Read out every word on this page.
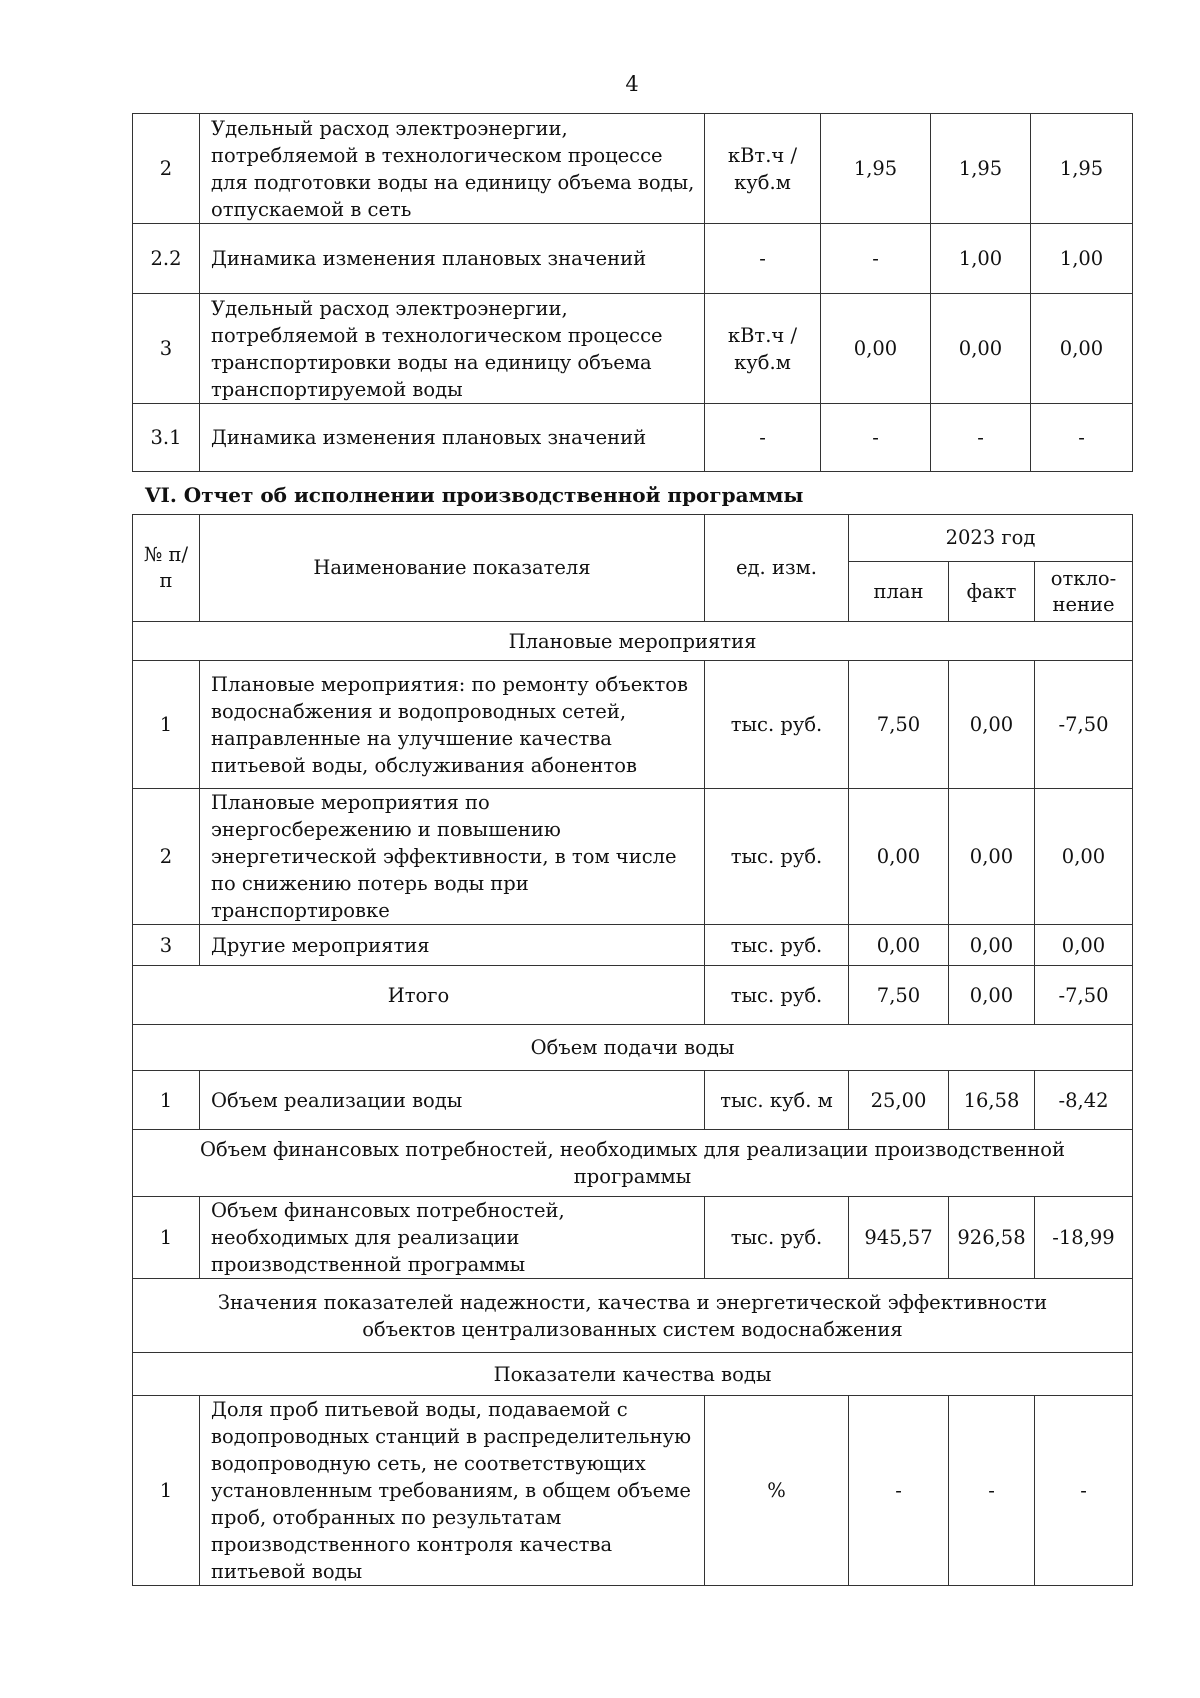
4
2	Удельный расход электроэнергии, потребляемой в технологическом процессе для подготовки воды на единицу объема воды, отпускаемой в сеть	кВт.ч / куб.м	1,95	1,95	1,95
2.2	Динамика изменения плановых значений	-	-	1,00	1,00
3	Удельный расход электроэнергии, потребляемой в технологическом процессе транспортировки воды на единицу объема транспортируемой воды	кВт.ч / куб.м	0,00	0,00	0,00
3.1	Динамика изменения плановых значений	-	-	-	-
VI. Отчет об исполнении производственной программы
№ п/п	Наименование показателя	ед. изм.	2023 год		
			план	факт	откло-нение
Плановые мероприятия					
1	Плановые мероприятия: по ремонту объектов водоснабжения и водопроводных сетей, направленные на улучшение качества питьевой воды, обслуживания абонентов	тыс. руб.	7,50	0,00	-7,50
2	Плановые мероприятия по энергосбережению и повышению энергетической эффективности, в том числе по снижению потерь воды при транспортировке	тыс. руб.	0,00	0,00	0,00
3	Другие мероприятия	тыс. руб.	0,00	0,00	0,00
Итого		тыс. руб.	7,50	0,00	-7,50
Объем подачи воды					
1	Объем реализации воды	тыс. куб. м	25,00	16,58	-8,42
Объем финансовых потребностей, необходимых для реализации производственной программы					
1	Объем финансовых потребностей, необходимых для реализации производственной программы	тыс. руб.	945,57	926,58	-18,99
Значения показателей надежности, качества и энергетической эффективности объектов централизованных систем водоснабжения					
Показатели качества воды					
1	Доля проб питьевой воды, подаваемой с водопроводных станций в распределительную водопроводную сеть, не соответствующих установленным требованиям, в общем объеме проб, отобранных по результатам производственного контроля качества питьевой воды	%	-	-	-
